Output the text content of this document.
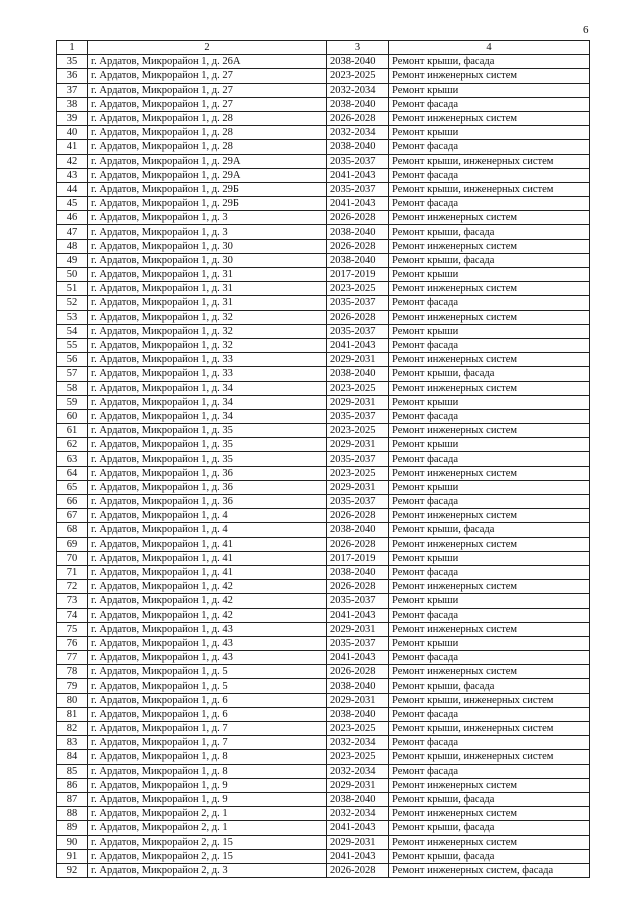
6
1	2	3	4
35	г. Ардатов, Микрорайон 1, д. 26А	2038-2040	Ремонт крыши, фасада
36	г. Ардатов, Микрорайон 1, д. 27	2023-2025	Ремонт инженерных систем
37	г. Ардатов, Микрорайон 1, д. 27	2032-2034	Ремонт крыши
38	г. Ардатов, Микрорайон 1, д. 27	2038-2040	Ремонт фасада
39	г. Ардатов, Микрорайон 1, д. 28	2026-2028	Ремонт инженерных систем
40	г. Ардатов, Микрорайон 1, д. 28	2032-2034	Ремонт крыши
41	г. Ардатов, Микрорайон 1, д. 28	2038-2040	Ремонт фасада
42	г. Ардатов, Микрорайон 1, д. 29А	2035-2037	Ремонт крыши, инженерных систем
43	г. Ардатов, Микрорайон 1, д. 29А	2041-2043	Ремонт фасада
44	г. Ардатов, Микрорайон 1, д. 29Б	2035-2037	Ремонт крыши, инженерных систем
45	г. Ардатов, Микрорайон 1, д. 29Б	2041-2043	Ремонт фасада
46	г. Ардатов, Микрорайон 1, д. 3	2026-2028	Ремонт инженерных систем
47	г. Ардатов, Микрорайон 1, д. 3	2038-2040	Ремонт крыши, фасада
48	г. Ардатов, Микрорайон 1, д. 30	2026-2028	Ремонт инженерных систем
49	г. Ардатов, Микрорайон 1, д. 30	2038-2040	Ремонт крыши, фасада
50	г. Ардатов, Микрорайон 1, д. 31	2017-2019	Ремонт крыши
51	г. Ардатов, Микрорайон 1, д. 31	2023-2025	Ремонт инженерных систем
52	г. Ардатов, Микрорайон 1, д. 31	2035-2037	Ремонт фасада
53	г. Ардатов, Микрорайон 1, д. 32	2026-2028	Ремонт инженерных систем
54	г. Ардатов, Микрорайон 1, д. 32	2035-2037	Ремонт крыши
55	г. Ардатов, Микрорайон 1, д. 32	2041-2043	Ремонт фасада
56	г. Ардатов, Микрорайон 1, д. 33	2029-2031	Ремонт инженерных систем
57	г. Ардатов, Микрорайон 1, д. 33	2038-2040	Ремонт крыши, фасада
58	г. Ардатов, Микрорайон 1, д. 34	2023-2025	Ремонт инженерных систем
59	г. Ардатов, Микрорайон 1, д. 34	2029-2031	Ремонт крыши
60	г. Ардатов, Микрорайон 1, д. 34	2035-2037	Ремонт фасада
61	г. Ардатов, Микрорайон 1, д. 35	2023-2025	Ремонт инженерных систем
62	г. Ардатов, Микрорайон 1, д. 35	2029-2031	Ремонт крыши
63	г. Ардатов, Микрорайон 1, д. 35	2035-2037	Ремонт фасада
64	г. Ардатов, Микрорайон 1, д. 36	2023-2025	Ремонт инженерных систем
65	г. Ардатов, Микрорайон 1, д. 36	2029-2031	Ремонт крыши
66	г. Ардатов, Микрорайон 1, д. 36	2035-2037	Ремонт фасада
67	г. Ардатов, Микрорайон 1, д. 4	2026-2028	Ремонт инженерных систем
68	г. Ардатов, Микрорайон 1, д. 4	2038-2040	Ремонт крыши, фасада
69	г. Ардатов, Микрорайон 1, д. 41	2026-2028	Ремонт инженерных систем
70	г. Ардатов, Микрорайон 1, д. 41	2017-2019	Ремонт крыши
71	г. Ардатов, Микрорайон 1, д. 41	2038-2040	Ремонт фасада
72	г. Ардатов, Микрорайон 1, д. 42	2026-2028	Ремонт инженерных систем
73	г. Ардатов, Микрорайон 1, д. 42	2035-2037	Ремонт крыши
74	г. Ардатов, Микрорайон 1, д. 42	2041-2043	Ремонт фасада
75	г. Ардатов, Микрорайон 1, д. 43	2029-2031	Ремонт инженерных систем
76	г. Ардатов, Микрорайон 1, д. 43	2035-2037	Ремонт крыши
77	г. Ардатов, Микрорайон 1, д. 43	2041-2043	Ремонт фасада
78	г. Ардатов, Микрорайон 1, д. 5	2026-2028	Ремонт инженерных систем
79	г. Ардатов, Микрорайон 1, д. 5	2038-2040	Ремонт крыши, фасада
80	г. Ардатов, Микрорайон 1, д. 6	2029-2031	Ремонт крыши, инженерных систем
81	г. Ардатов, Микрорайон 1, д. 6	2038-2040	Ремонт фасада
82	г. Ардатов, Микрорайон 1, д. 7	2023-2025	Ремонт крыши, инженерных систем
83	г. Ардатов, Микрорайон 1, д. 7	2032-2034	Ремонт фасада
84	г. Ардатов, Микрорайон 1, д. 8	2023-2025	Ремонт крыши, инженерных систем
85	г. Ардатов, Микрорайон 1, д. 8	2032-2034	Ремонт фасада
86	г. Ардатов, Микрорайон 1, д. 9	2029-2031	Ремонт инженерных систем
87	г. Ардатов, Микрорайон 1, д. 9	2038-2040	Ремонт крыши, фасада
88	г. Ардатов, Микрорайон 2, д. 1	2032-2034	Ремонт инженерных систем
89	г. Ардатов, Микрорайон 2, д. 1	2041-2043	Ремонт крыши, фасада
90	г. Ардатов, Микрорайон 2, д. 15	2029-2031	Ремонт инженерных систем
91	г. Ардатов, Микрорайон 2, д. 15	2041-2043	Ремонт крыши, фасада
92	г. Ардатов, Микрорайон 2, д. 3	2026-2028	Ремонт инженерных систем, фасада
